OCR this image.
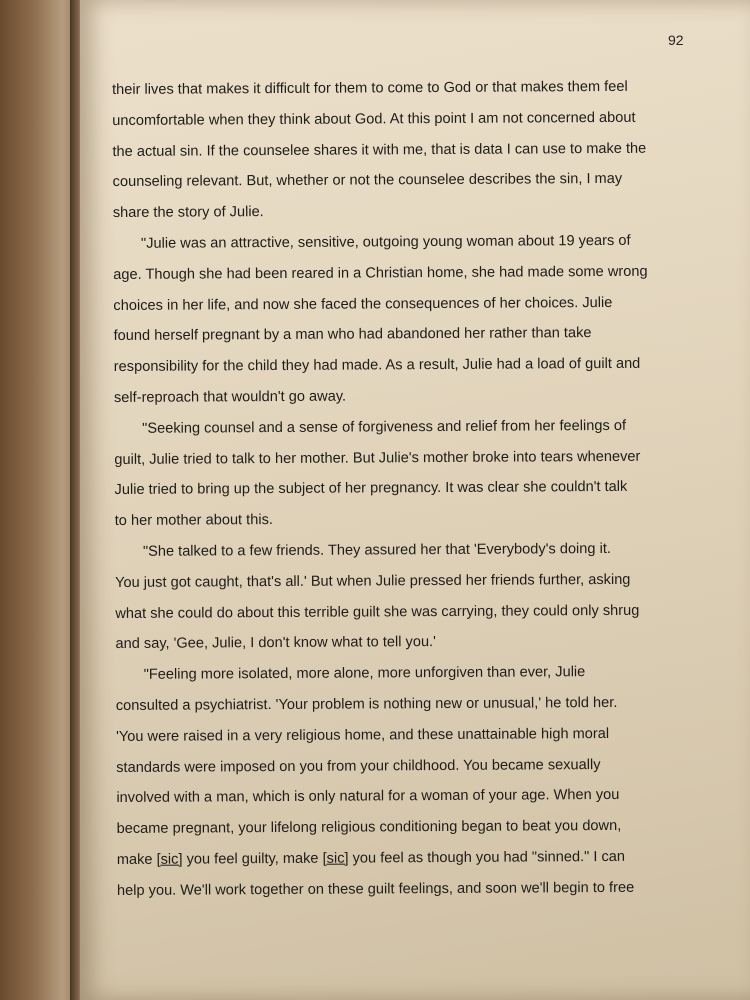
92
their lives that makes it difficult for them to come to God or that makes them feel
uncomfortable when they think about God. At this point I am not concerned about
the actual sin. If the counselee shares it with me, that is data I can use to make the
counseling relevant. But, whether or not the counselee describes the sin, I may
share the story of Julie.
"Julie was an attractive, sensitive, outgoing young woman about 19 years of
age. Though she had been reared in a Christian home, she had made some wrong
choices in her life, and now she faced the consequences of her choices. Julie
found herself pregnant by a man who had abandoned her rather than take
responsibility for the child they had made. As a result, Julie had a load of guilt and
self-reproach that wouldn't go away.
"Seeking counsel and a sense of forgiveness and relief from her feelings of
guilt, Julie tried to talk to her mother. But Julie's mother broke into tears whenever
Julie tried to bring up the subject of her pregnancy. It was clear she couldn't talk
to her mother about this.
"She talked to a few friends. They assured her that 'Everybody's doing it.
You just got caught, that's all.' But when Julie pressed her friends further, asking
what she could do about this terrible guilt she was carrying, they could only shrug
and say, 'Gee, Julie, I don't know what to tell you.'
"Feeling more isolated, more alone, more unforgiven than ever, Julie
consulted a psychiatrist. 'Your problem is nothing new or unusual,' he told her.
'You were raised in a very religious home, and these unattainable high moral
standards were imposed on you from your childhood. You became sexually
involved with a man, which is only natural for a woman of your age. When you
became pregnant, your lifelong religious conditioning began to beat you down,
make [sic] you feel guilty, make [sic] you feel as though you had "sinned." I can
help you. We'll work together on these guilt feelings, and soon we'll begin to free
